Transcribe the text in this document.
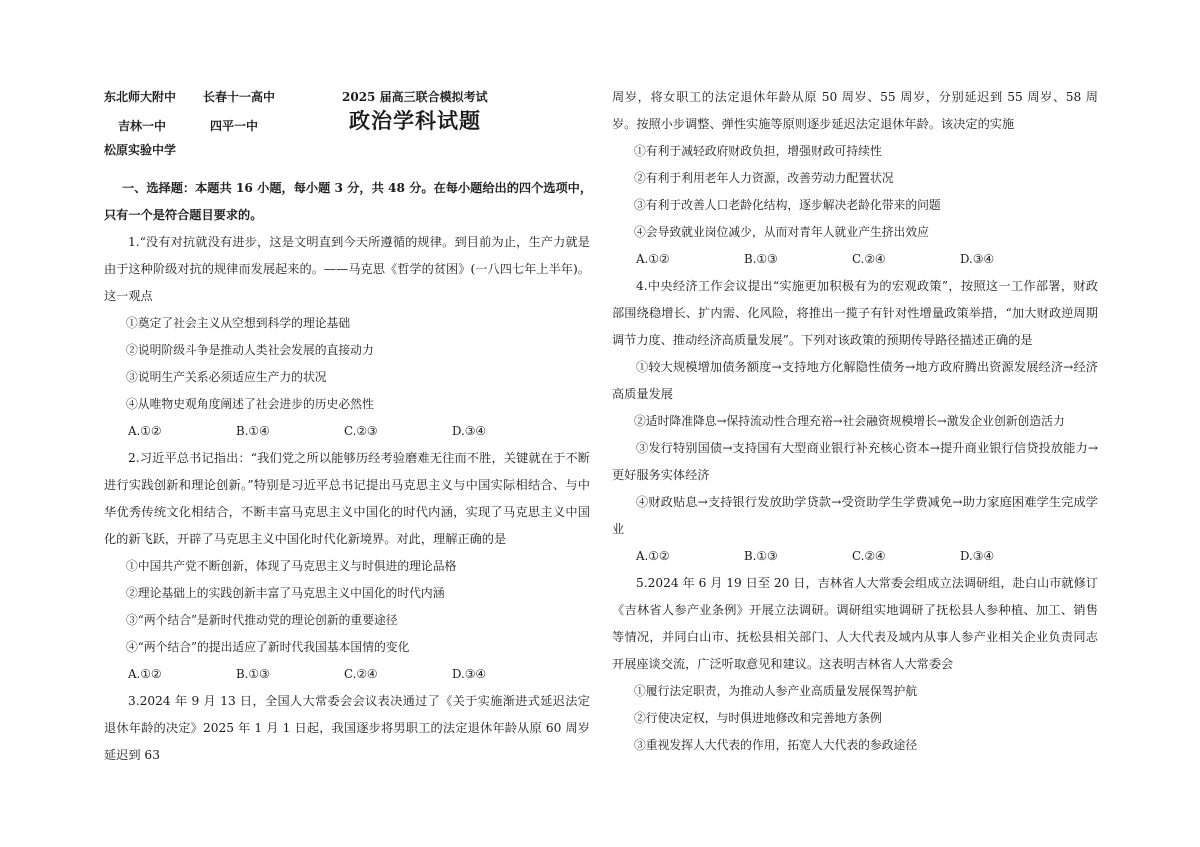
东北师大附中 长春十一高中	2025 届高三联合模拟考试
吉林一中	四平一中	政治学科试题
松原实验中学

一、选择题：本题共 16 小题，每小题 3 分，共 48 分。在每小题给出的四个选项中，

只有一个是符合题目要求的。

1.“没有对抗就没有进步，这是文明直到今天所遵循的规律。到目前为止，生产力就是由于这种阶级对抗的规律而发展起来的。——马克思《哲学的贫困》(一八四七年上半年)。这一观点

①奠定了社会主义从空想到科学的理论基础

②说明阶级斗争是推动人类社会发展的直接动力

③说明生产关系必须适应生产力的状况

④从唯物史观角度阐述了社会进步的历史必然性

A.①②	B.①④	C.②③	D.③④

2.习近平总书记指出：“我们党之所以能够历经考验磨难无往而不胜，关键就在于不断进行实践创新和理论创新。”特别是习近平总书记提出马克思主义与中国实际相结合、与中华优秀传统文化相结合，不断丰富马克思主义中国化的时代内涵，实现了马克思主义中国化的新飞跃，开辟了马克思主义中国化时代化新境界。对此，理解正确的是

①中国共产党不断创新，体现了马克思主义与时俱进的理论品格

②理论基础上的实践创新丰富了马克思主义中国化的时代内涵

③“两个结合”是新时代推动党的理论创新的重要途径

④“两个结合”的提出适应了新时代我国基本国情的变化

A.①②	B.①③	C.②④	D.③④

3.2024 年 9 月 13 日，全国人大常委会会议表决通过了《关于实施渐进式延迟法定退休年龄的决定》2025 年 1 月 1 日起，我国逐步将男职工的法定退休年龄从原 60 周岁延迟到 63

周岁，将女职工的法定退休年龄从原 50 周岁、55 周岁，分别延迟到 55 周岁、58 周岁。按照小步调整、弹性实施等原则逐步延迟法定退休年龄。该决定的实施

①有利于减轻政府财政负担，增强财政可持续性

②有利于利用老年人力资源，改善劳动力配置状况

③有利于改善人口老龄化结构，逐步解决老龄化带来的问题

④会导致就业岗位减少，从而对青年人就业产生挤出效应

A.①②	B.①③	C.②④	D.③④

4.中央经济工作会议提出“实施更加积极有为的宏观政策”，按照这一工作部署，财政部围绕稳增长、扩内需、化风险，将推出一揽子有针对性增量政策举措，“加大财政逆周期调节力度、推动经济高质量发展”。下列对该政策的预期传导路径描述正确的是

①较大规模增加债务额度→支持地方化解隐性债务→地方政府腾出资源发展经济→经济高质量发展

②适时降准降息→保持流动性合理充裕→社会融资规模增长→激发企业创新创造活力

③发行特别国债→支持国有大型商业银行补充核心资本→提升商业银行信贷投放能力→更好服务实体经济

④财政贴息→支持银行发放助学贷款→受资助学生学费减免→助力家庭困难学生完成学业

A.①②	B.①③	C.②④	D.③④

5.2024 年 6 月 19 日至 20 日，吉林省人大常委会组成立法调研组，赴白山市就修订《吉林省人参产业条例》开展立法调研。调研组实地调研了抚松县人参种植、加工、销售等情况，并同白山市、抚松县相关部门、人大代表及域内从事人参产业相关企业负责同志开展座谈交流，广泛听取意见和建议。这表明吉林省人大常委会

①履行法定职责，为推动人参产业高质量发展保驾护航

②行使决定权，与时俱进地修改和完善地方条例

③重视发挥人大代表的作用，拓宽人大代表的参政途径
